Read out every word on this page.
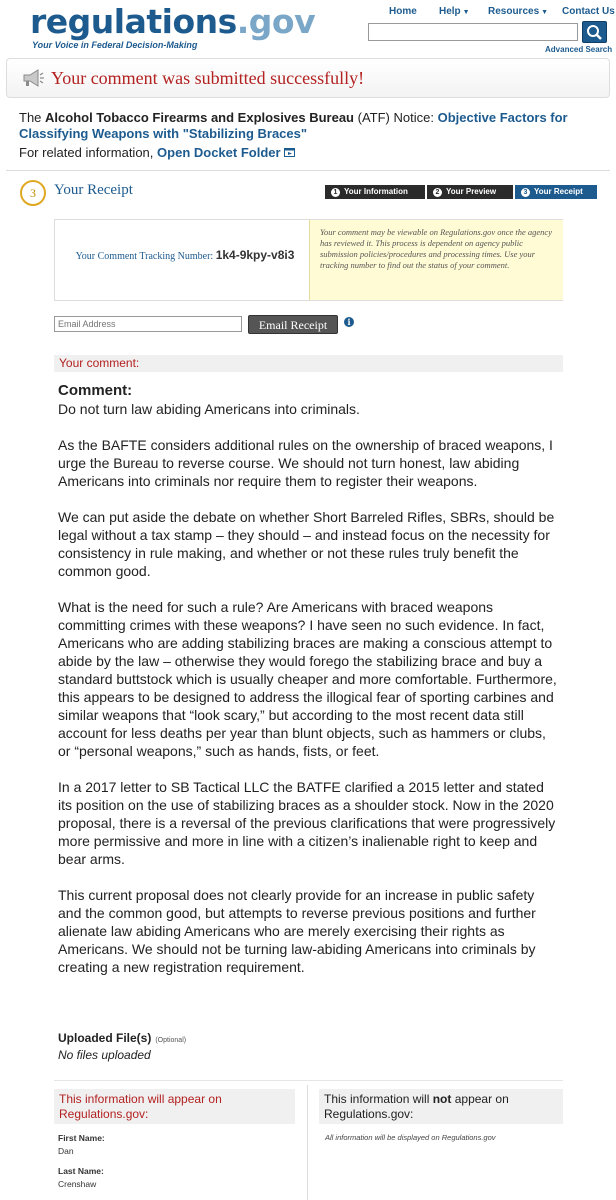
regulations.gov
Your Voice in Federal Decision-Making
Home Help ▼ Resources ▼ Contact Us
Advanced Search
Your comment was submitted successfully!
The Alcohol Tobacco Firearms and Explosives Bureau (ATF) Notice: Objective Factors for Classifying Weapons with "Stabilizing Braces"
For related information, Open Docket Folder
3	Your Receipt	1 Your Information	2 Your Preview	3 Your Receipt
Your Comment Tracking Number: 1k4-9kpy-v8i3
Your comment may be viewable on Regulations.gov once the agency has reviewed it. This process is dependent on agency public submission policies/procedures and processing times. Use your tracking number to find out the status of your comment.
Email Address
Email Receipt	i
Your comment:
Comment:

Do not turn law abiding Americans into criminals.

As the BAFTE considers additional rules on the ownership of braced weapons, I urge the Bureau to reverse course. We should not turn honest, law abiding Americans into criminals nor require them to register their weapons.

We can put aside the debate on whether Short Barreled Rifles, SBRs, should be legal without a tax stamp – they should – and instead focus on the necessity for consistency in rule making, and whether or not these rules truly benefit the common good.

What is the need for such a rule? Are Americans with braced weapons committing crimes with these weapons? I have seen no such evidence. In fact, Americans who are adding stabilizing braces are making a conscious attempt to abide by the law – otherwise they would forego the stabilizing brace and buy a standard buttstock which is usually cheaper and more comfortable. Furthermore, this appears to be designed to address the illogical fear of sporting carbines and similar weapons that “look scary,” but according to the most recent data still account for less deaths per year than blunt objects, such as hammers or clubs, or “personal weapons,” such as hands, fists, or feet.

In a 2017 letter to SB Tactical LLC the BATFE clarified a 2015 letter and stated its position on the use of stabilizing braces as a shoulder stock. Now in the 2020 proposal, there is a reversal of the previous clarifications that were progressively more permissive and more in line with a citizen’s inalienable right to keep and bear arms.

This current proposal does not clearly provide for an increase in public safety and the common good, but attempts to reverse previous positions and further alienate law abiding Americans who are merely exercising their rights as Americans. We should not be turning law-abiding Americans into criminals by creating a new registration requirement.

Uploaded File(s) (Optional)
No files uploaded
This information will appear on Regulations.gov:
This information will not appear on Regulations.gov:
First Name:
Dan
Last Name:
Crenshaw
All information will be displayed on Regulations.gov
